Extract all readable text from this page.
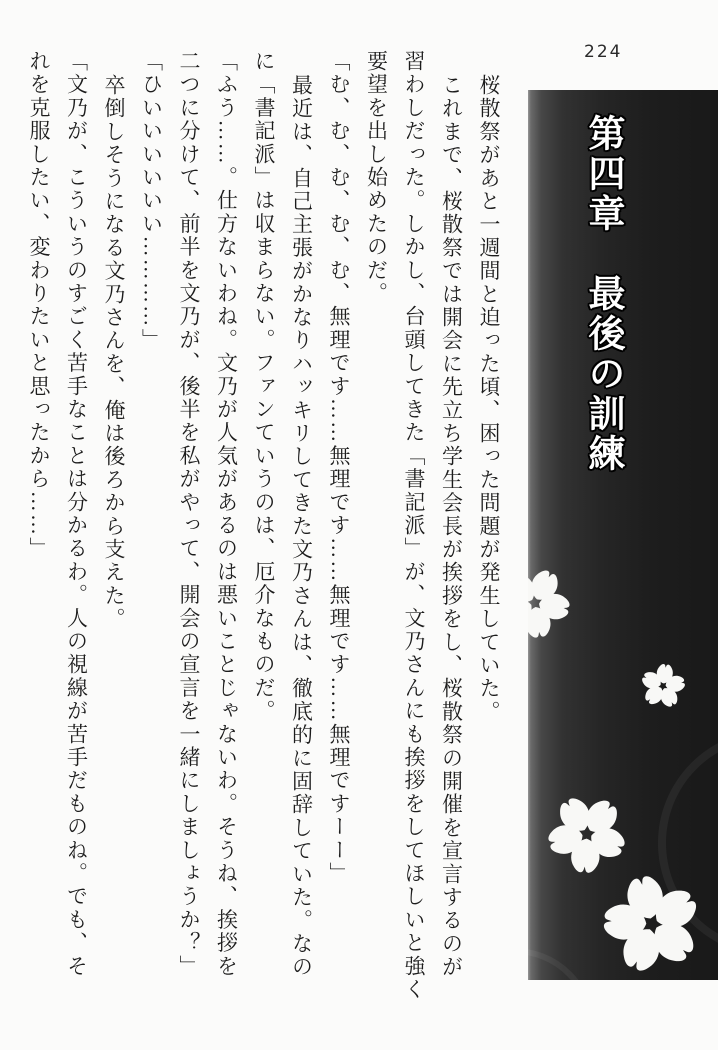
224
第四章　最後の訓練

桜散祭があと一週間と迫った頃、困った問題が発生していた。

これまで、桜散祭では開会に先立ち学生会長が挨拶をし、桜散祭の開催を宣言するのが

習わしだった。しかし、台頭してきた「書記派」が、文乃さんにも挨拶をしてほしいと強く

要望を出し始めたのだ。

「む、む、む、む、む、無理です……無理です……無理です……無理ですーー」

最近は、自己主張がかなりハッキリしてきた文乃さんは、徹底的に固辞していた。なの

に「書記派」は収まらない。ファンていうのは、厄介なものだ。

「ふう……。仕方ないわね。文乃が人気があるのは悪いことじゃないわ。そうね、挨拶を

二つに分けて、前半を文乃が、後半を私がやって、開会の宣言を一緒にしましょうか？」

「ひいいいいいい…………」

卒倒しそうになる文乃さんを、俺は後ろから支えた。

「文乃が、こういうのすごく苦手なことは分かるわ。人の視線が苦手だものね。でも、そ

れを克服したい、変わりたいと思ったから……」
